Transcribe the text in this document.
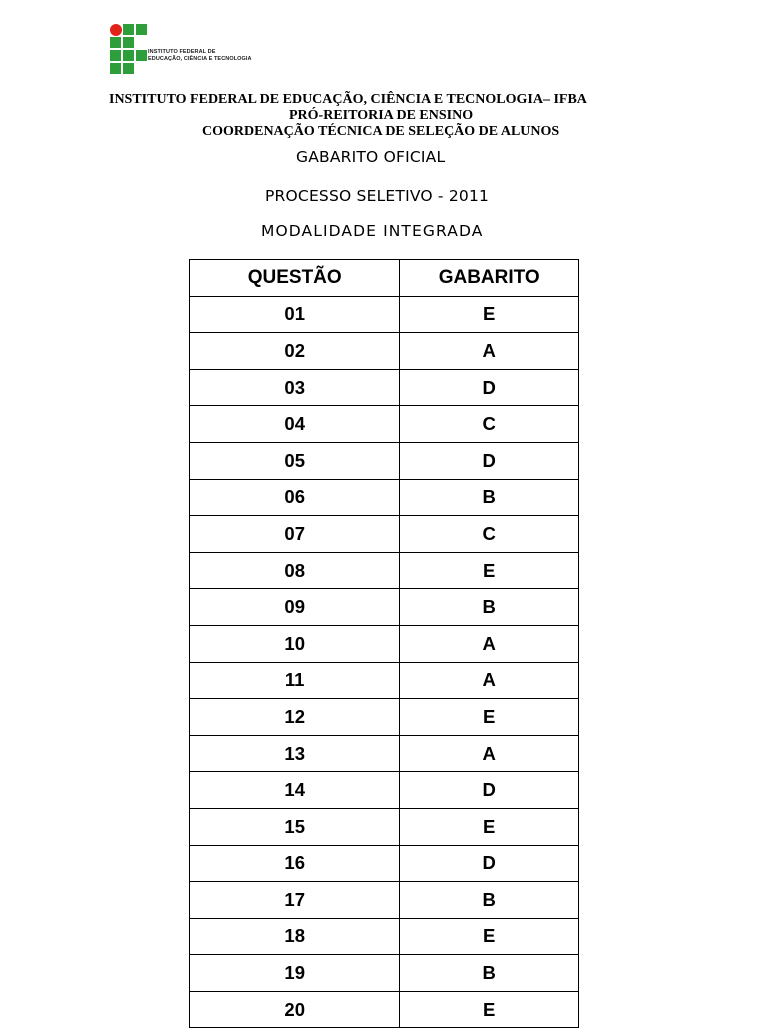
INSTITUTO FEDERAL DE
EDUCAÇÃO, CIÊNCIA E TECNOLOGIA
INSTITUTO FEDERAL DE EDUCAÇÃO, CIÊNCIA E TECNOLOGIA– IFBA
PRÓ-REITORIA DE ENSINO
COORDENAÇÃO TÉCNICA DE SELEÇÃO DE ALUNOS
GABARITO OFICIAL
PROCESSO SELETIVO - 2011
MODALIDADE INTEGRADA
QUESTÃO	GABARITO
01	E
02	A
03	D
04	C
05	D
06	B
07	C
08	E
09	B
10	A
11	A
12	E
13	A
14	D
15	E
16	D
17	B
18	E
19	B
20	E
